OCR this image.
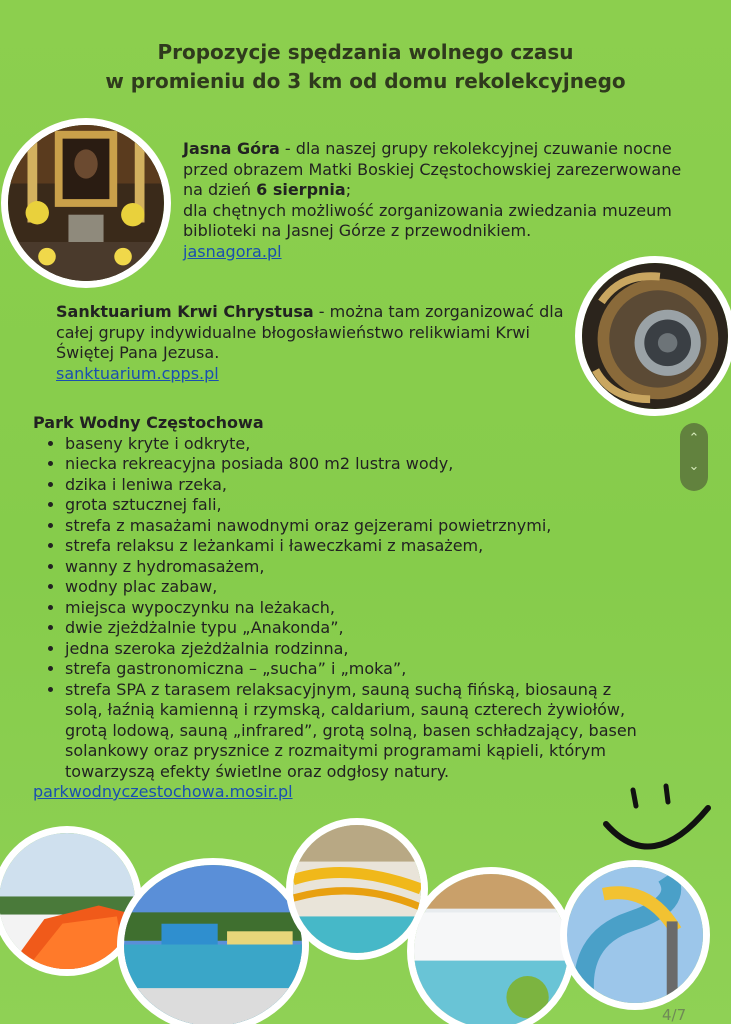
Propozycje spędzania wolnego czasu
w promieniu do 3 km od domu rekolekcyjnego

Jasna Góra - dla naszej grupy rekolekcyjnej czuwanie nocne przed obrazem Matki Boskiej Częstochowskiej zarezerwowane na dzień 6 sierpnia;
dla chętnych możliwość zorganizowania zwiedzania muzeum biblioteki na Jasnej Górze z przewodnikiem.
jasnagora.pl

Sanktuarium Krwi Chrystusa - można tam zorganizować dla całej grupy indywidualne błogosławieństwo relikwiami Krwi Świętej Pana Jezusa.
sanktuarium.cpps.pl

Park Wodny Częstochowa
• baseny kryte i odkryte,
• niecka rekreacyjna posiada 800 m2 lustra wody,
• dzika i leniwa rzeka,
• grota sztucznej fali,
• strefa z masażami nawodnymi oraz gejzerami powietrznymi,
• strefa relaksu z leżankami i ławeczkami z masażem,
• wanny z hydromasażem,
• wodny plac zabaw,
• miejsca wypoczynku na leżakach,
• dwie zjeżdżalnie typu „Anakonda”,
• jedna szeroka zjeżdżalnia rodzinna,
• strefa gastronomiczna – „sucha” i „moka”,
• strefa SPA z tarasem relaksacyjnym, sauną suchą fińską, biosauną z solą, łaźnią kamienną i rzymską, caldarium, sauną czterech żywiołów, grotą lodową, sauną „infrared”, grotą solną, basen schładzający, basen solankowy oraz prysznice z rozmaitymi programami kąpieli, którym towarzyszą efekty świetlne oraz odgłosy natury.
parkwodnyczestochowa.mosir.pl
⌃
⌄
4/7
